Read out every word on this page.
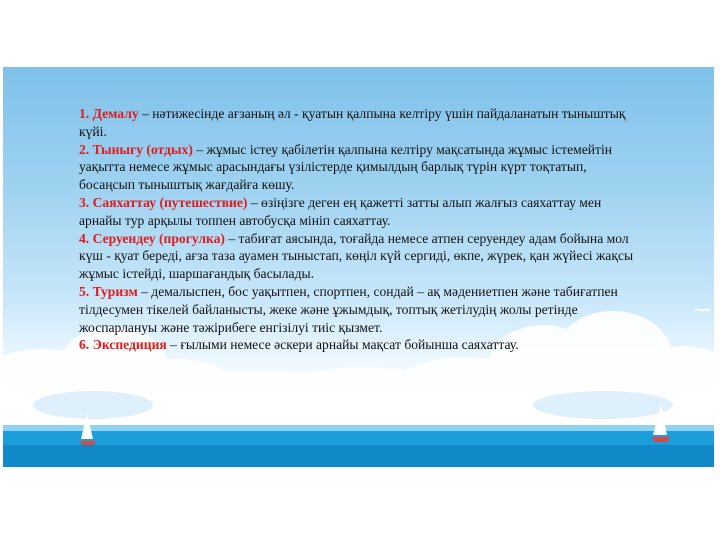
1. Демалу – нәтижесінде ағзаның әл - қуатын қалпына келтіру үшін пайдаланатын тыныштық күйі.

2. Тынығу (отдых) – жұмыс істеу қабілетін қалпына келтіру мақсатында жұмыс істемейтін уақытта немесе жұмыс арасындағы үзілістерде қимылдың барлық түрін күрт тоқтатып, босаңсып тыныштық жағдайға көшу.

3. Саяхаттау (путешествие) – өзіңізге деген ең қажетті затты алып жалғыз саяхаттау мен арнайы тур арқылы топпен автобусқа мініп саяхаттау.

4. Серуендеу (прогулка) – табиғат аясында, тоғайда немесе атпен серуендеу адам бойына мол күш - қуат береді, ағза таза ауамен тыныстап, көңіл күй сергиді, өкпе, жүрек, қан жүйесі жақсы жұмыс істейді, шаршағандық басылады.

5. Туризм – демалыспен, бос уақытпен, спортпен, сондай – ақ мәдениетпен және табиғатпен тілдесумен тікелей байланысты, жеке және ұжымдық, топтық жетілудің жолы ретінде жоспарлануы және тәжірибеге енгізілуі тиіс қызмет.

6. Экспедиция – ғылыми немесе әскери арнайы мақсат бойынша саяхаттау.
